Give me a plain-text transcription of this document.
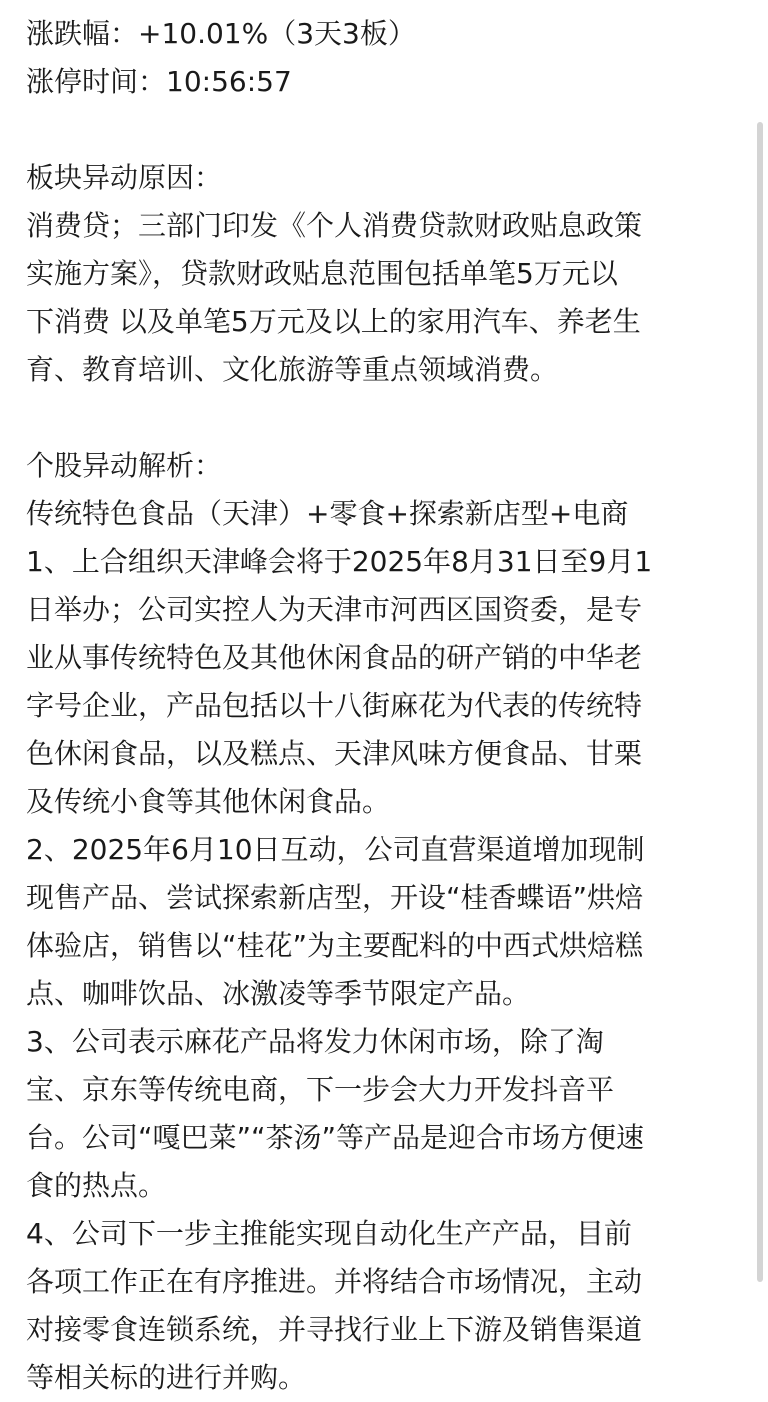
涨跌幅：+10.01%（3天3板）
涨停时间：10:56:57
板块异动原因：
消费贷；三部门印发《个人消费贷款财政贴息政策
实施方案》，贷款财政贴息范围包括单笔5万元以
下消费 以及单笔5万元及以上的家用汽车、养老生
育、教育培训、文化旅游等重点领域消费。
个股异动解析：
传统特色食品（天津）+零食+探索新店型+电商
1、上合组织天津峰会将于2025年8月31日至9月1
日举办；公司实控人为天津市河西区国资委，是专
业从事传统特色及其他休闲食品的研产销的中华老
字号企业，产品包括以十八街麻花为代表的传统特
色休闲食品，以及糕点、天津风味方便食品、甘栗
及传统小食等其他休闲食品。
2、2025年6月10日互动，公司直营渠道增加现制
现售产品、尝试探索新店型，开设“桂香蝶语”烘焙
体验店，销售以“桂花”为主要配料的中西式烘焙糕
点、咖啡饮品、冰激凌等季节限定产品。
3、公司表示麻花产品将发力休闲市场，除了淘
宝、京东等传统电商，下一步会大力开发抖音平
台。公司“嘎巴菜”“茶汤”等产品是迎合市场方便速
食的热点。
4、公司下一步主推能实现自动化生产产品，目前
各项工作正在有序推进。并将结合市场情况，主动
对接零食连锁系统，并寻找行业上下游及销售渠道
等相关标的进行并购。
